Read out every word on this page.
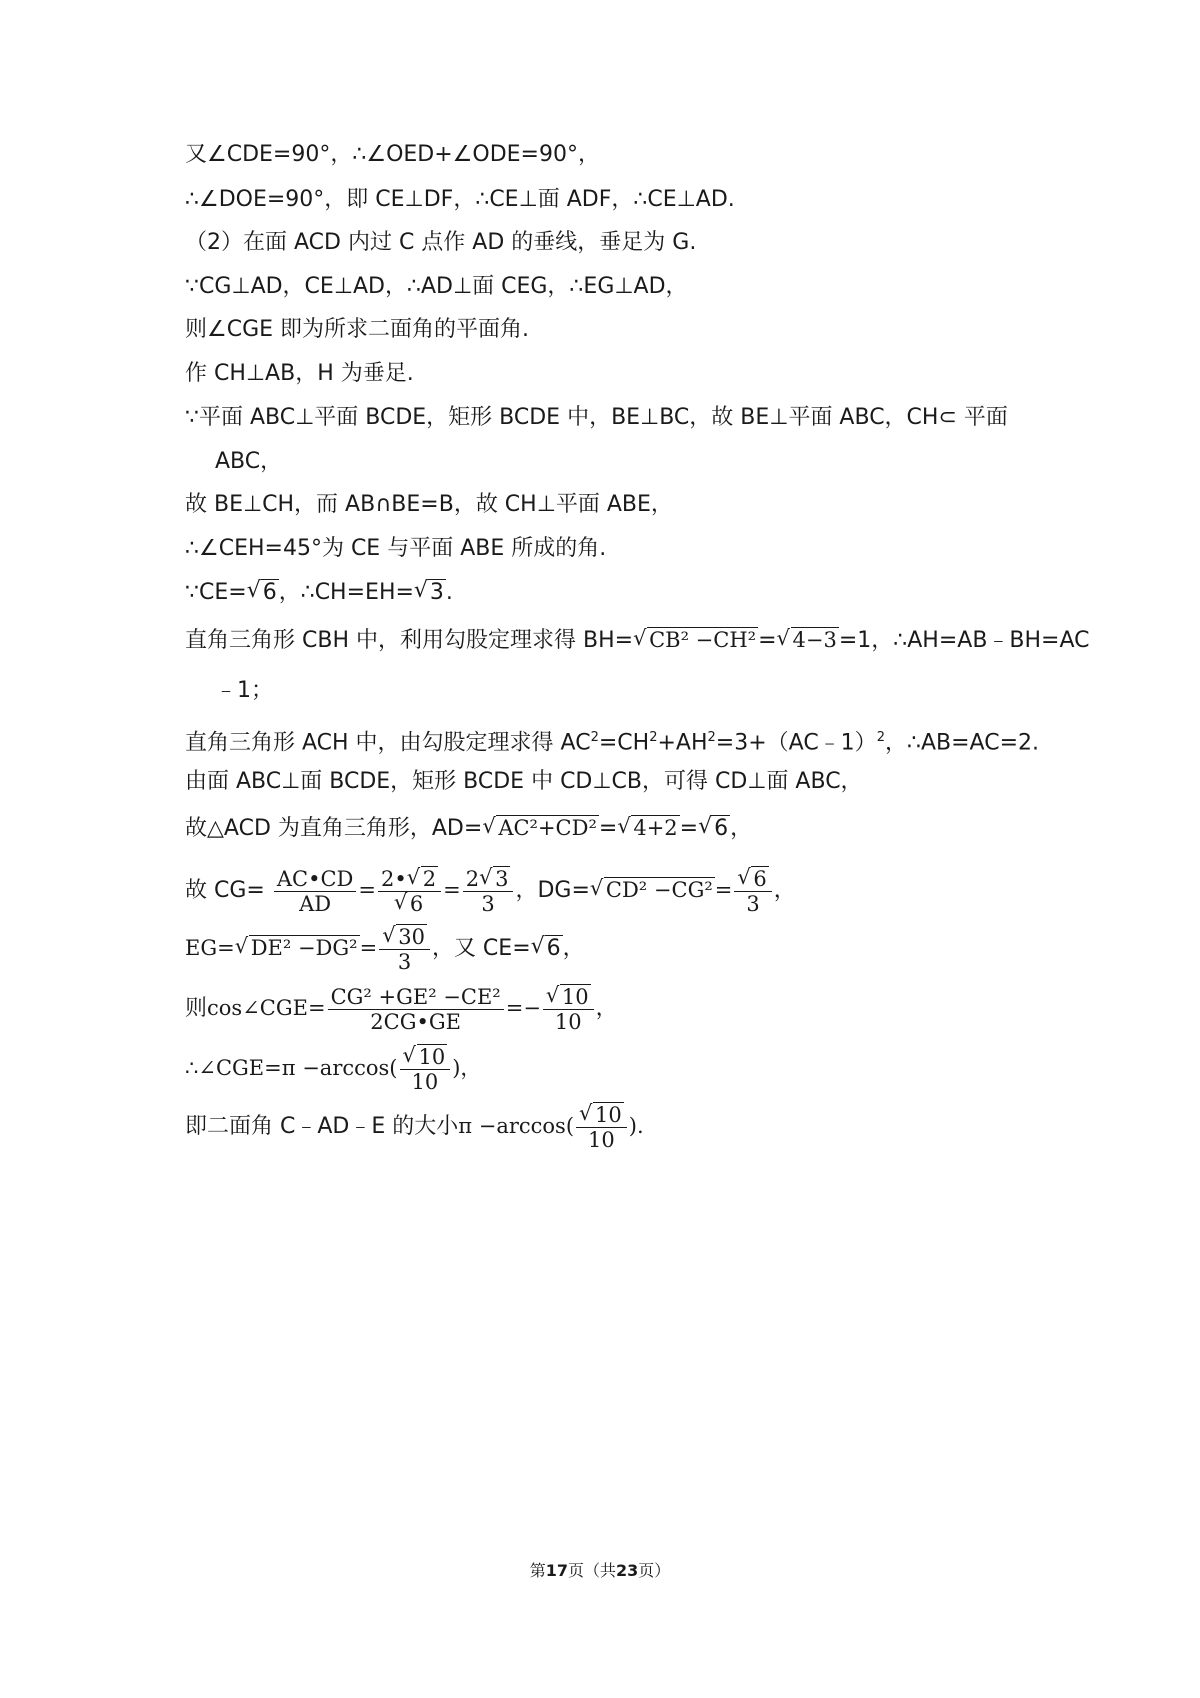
又∠CDE=90°，∴∠OED+∠ODE=90°，
∴∠DOE=90°，即 CE⊥DF，∴CE⊥面 ADF，∴CE⊥AD.
（2）在面 ACD 内过 C 点作 AD 的垂线，垂足为 G.
∵CG⊥AD，CE⊥AD，∴AD⊥面 CEG，∴EG⊥AD，
则∠CGE 即为所求二面角的平面角.
作 CH⊥AB，H 为垂足.
∵平面 ABC⊥平面 BCDE，矩形 BCDE 中，BE⊥BC，故 BE⊥平面 ABC，CH⊂ 平面
ABC，
故 BE⊥CH，而 AB∩BE=B，故 CH⊥平面 ABE，
∴∠CEH=45°为 CE 与平面 ABE 所成的角.
∵CE= √ 6，∴CH=EH= √ 3.
直角三角形 CBH 中，利用勾股定理求得 BH= √ CB² −CH²= √ 4−3=1，∴AH=AB﹣BH=AC
﹣1；
直角三角形 ACH 中，由勾股定理求得 $AC^2=CH^2+AH^2=3+(AC﹣1)^2$，∴AB=AC=2.
由面 ABC⊥面 BCDE，矩形 BCDE 中 CD⊥CB，可得 CD⊥面 ABC，
故△ACD 为直角三角形，AD= √ AC²+CD²= √ 4+2= √ 6，
故 $CG= \frac{AC•CD}{AD}$ = 2• √ 2
√ $6 = \frac{2 √ 3}{3}$ ，DG= √ CD² −CG²= √ $\frac{6}{3}$ ，
EG= √ DE² −DG²= √ $\frac{30}{3}$ ，又 CE= √ 6，
则cos∠CGE= $\frac{\text{CG² +GE² −CE²}}{2CG•GE}$ =− √ $\frac{10}{10}$ ，
∴∠CGE=π −arccos( √ $\frac{10}{10}$ )，
即二面角 C﹣AD﹣E 的大小π −arccos( √ $\frac{10}{10}$ ).
第17页（共23页）
